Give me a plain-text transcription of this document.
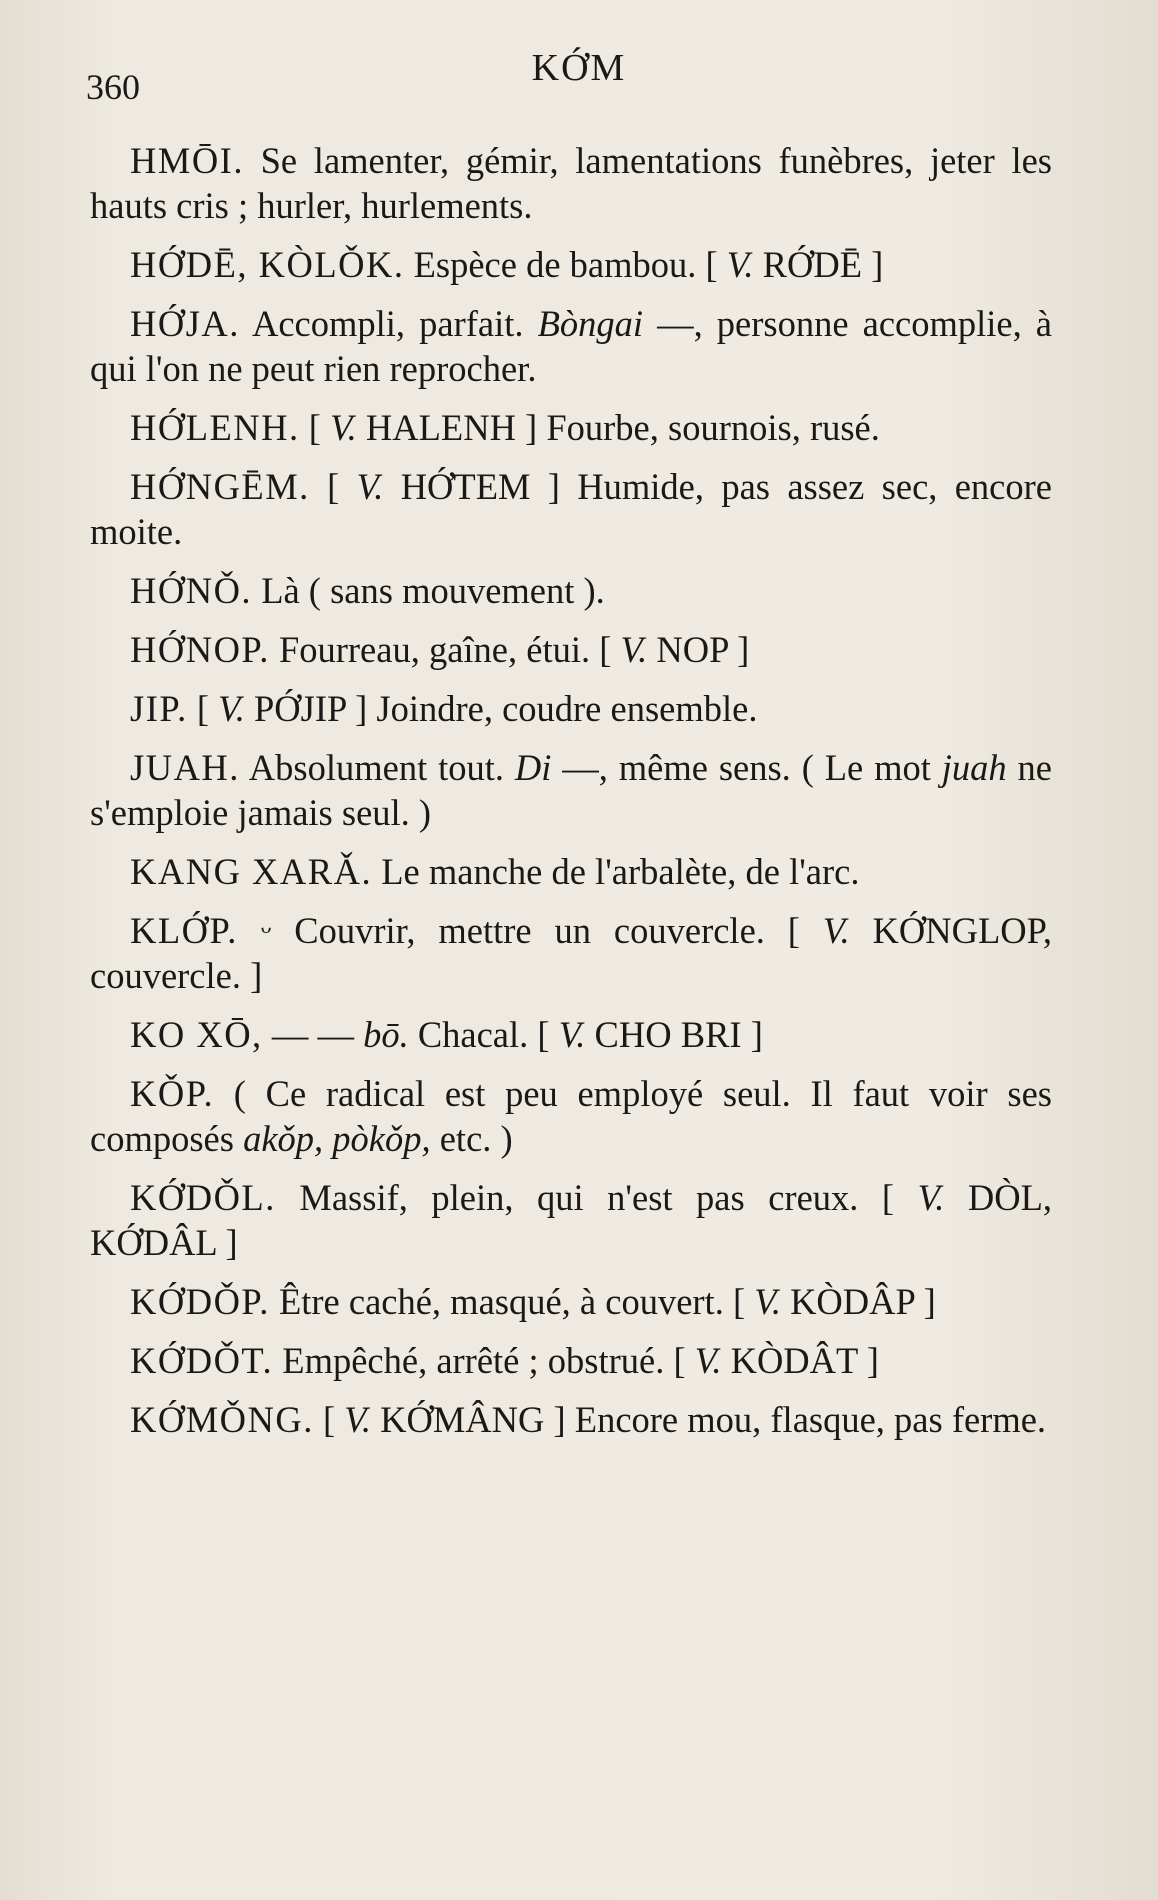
360	KỚM
HMŌI. Se lamenter, gémir, lamentations funèbres, jeter les hauts cris ; hurler, hurlements.
HỚDĒ, KÒLǑK. Espèce de bambou. [ V. RỚDĒ ]
HỚJA. Accompli, parfait. Bòngai —, personne accomplie, à qui l'on ne peut rien reprocher.
HỚLENH. [ V. HALENH ] Fourbe, sournois, rusé.
HỚNGĒM. [ V. HỚTEM ] Humide, pas assez sec, encore moite.
HỚNǑ. Là ( sans mouvement ).
HỚNOP. Fourreau, gaîne, étui. [ V. NOP ]
JIP. [ V. PỚJIP ] Joindre, coudre ensemble.
JUAH. Absolument tout. Di —, même sens. ( Le mot juah ne s'emploie jamais seul. )
KANG XARǍ. Le manche de l'arbalète, de l'arc.
KLỚP. ᵕ Couvrir, mettre un couvercle. [ V. KỚNGLOP, couvercle. ]
KO XŌ, — — bō. Chacal. [ V. CHO BRI ]
KǑP. ( Ce radical est peu employé seul. Il faut voir ses composés akǒp, pòkǒp, etc. )
KỚDǑL. Massif, plein, qui n'est pas creux. [ V. DÒL, KỚDÂL ]
KỚDǑP. Être caché, masqué, à couvert. [ V. KÒDÂP ]
KỚDǑT. Empêché, arrêté ; obstrué. [ V. KÒDÂT ]
KỚMǑNG. [ V. KỚMÂNG ] Encore mou, flasque, pas ferme.
